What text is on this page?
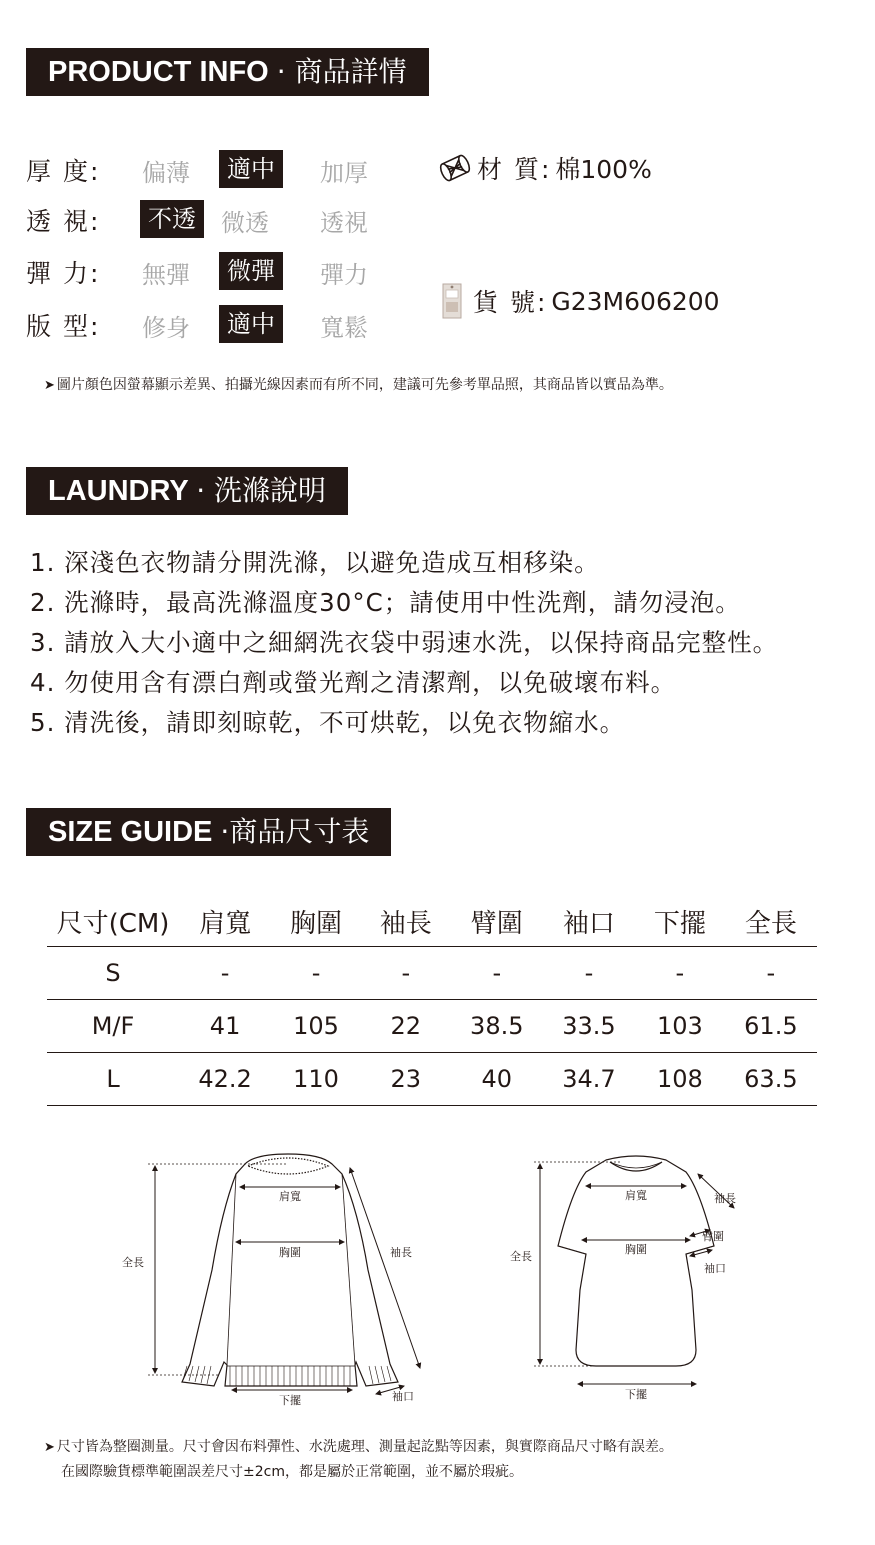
PRODUCT INFO · 商品詳情
厚 度: 偏薄	適中	加厚
透 視:	不透	微透 透視
彈 力: 無彈	微彈	彈力
版 型: 修身	適中	寬鬆
材 質: 棉100%
貨 號: G23M606200
➤ 圖片顏色因螢幕顯示差異、拍攝光線因素而有所不同，建議可先參考單品照，其商品皆以實品為準。
LAUNDRY · 洗滌說明
1. 深淺色衣物請分開洗滌，以避免造成互相移染。
2. 洗滌時，最高洗滌溫度30°C；請使用中性洗劑，請勿浸泡。
3. 請放入大小適中之細網洗衣袋中弱速水洗，以保持商品完整性。
4. 勿使用含有漂白劑或螢光劑之清潔劑，以免破壞布料。
5. 清洗後，請即刻晾乾，不可烘乾，以免衣物縮水。
SIZE GUIDE ·商品尺寸表
尺寸(CM)	肩寬	胸圍	袖長	臂圍	袖口	下擺	全長
S	-	-	-	-	-	-	-
M/F	41	105	22	38.5	33.5	103	61.5
L	42.2	110	23	40	34.7	108	63.5
肩寬
胸圍
全長
袖長
下擺	袖口
肩寬
胸圍
全長
袖長
臂圍
袖口
下擺
➤ 尺寸皆為整圈測量。尺寸會因布料彈性、水洗處理、測量起訖點等因素，與實際商品尺寸略有誤差。
在國際驗貨標準範圍誤差尺寸±2cm，都是屬於正常範圍，並不屬於瑕疵。
